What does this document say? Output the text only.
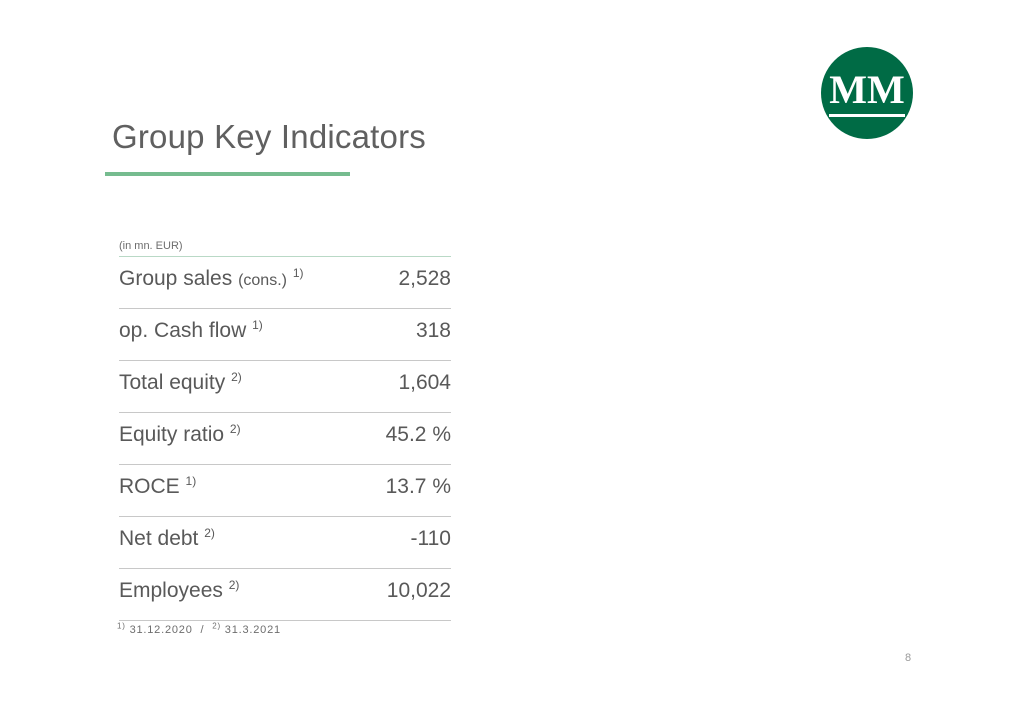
MM
Group Key Indicators
(in mn. EUR)
Group sales (cons.) $^{1)}$	2,528
op. Cash flow $^{1)}$	318
Total equity $^{2)}$	1,604
Equity ratio $^{2)}$	45.2 %
ROCE $^{1)}$	13.7 %
Net debt $^{2)}$	-110
Employees $^{2)}$	10,022
$^{1)}$ 31.12.2020 / $^{2)}$ 31.3.2021
8
